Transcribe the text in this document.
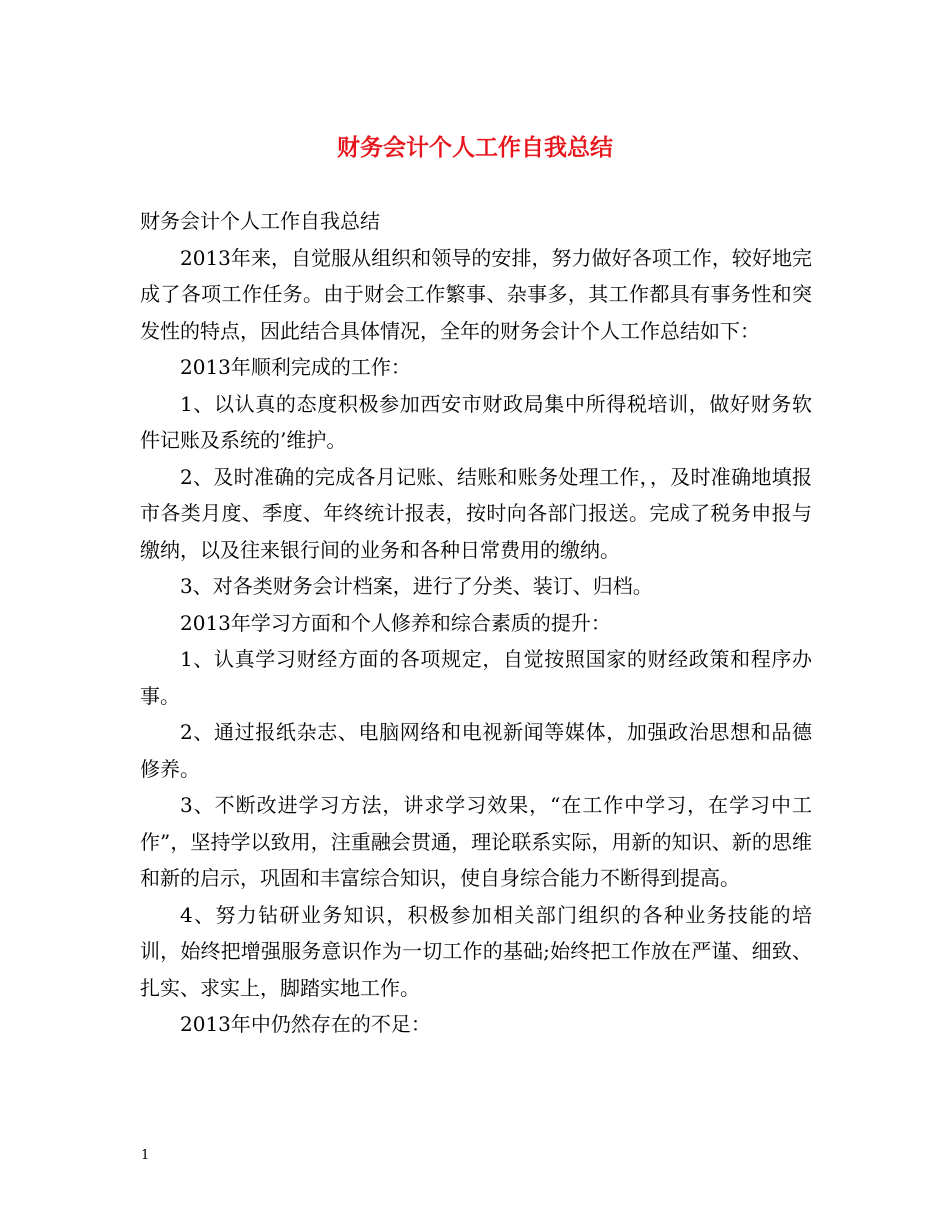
财务会计个人工作自我总结

财务会计个人工作自我总结

2013年来，自觉服从组织和领导的安排，努力做好各项工作，较好地完成了各项工作任务。由于财会工作繁事、杂事多，其工作都具有事务性和突发性的特点，因此结合具体情况，全年的财务会计个人工作总结如下：

2013年顺利完成的工作：

1、以认真的态度积极参加西安市财政局集中所得税培训，做好财务软件记账及系统的’维护。

2、及时准确的完成各月记账、结账和账务处理工作，，及时准确地填报市各类月度、季度、年终统计报表，按时向各部门报送。完成了税务申报与缴纳，以及往来银行间的业务和各种日常费用的缴纳。

3、对各类财务会计档案，进行了分类、装订、归档。

2013年学习方面和个人修养和综合素质的提升：

1、认真学习财经方面的各项规定，自觉按照国家的财经政策和程序办事。

2、通过报纸杂志、电脑网络和电视新闻等媒体，加强政治思想和品德修养。

3、不断改进学习方法，讲求学习效果，“在工作中学习，在学习中工作”，坚持学以致用，注重融会贯通，理论联系实际，用新的知识、新的思维和新的启示，巩固和丰富综合知识，使自身综合能力不断得到提高。

4、努力钻研业务知识，积极参加相关部门组织的各种业务技能的培训，始终把增强服务意识作为一切工作的基础;始终把工作放在严谨、细致、扎实、求实上，脚踏实地工作。

2013年中仍然存在的不足：

1
